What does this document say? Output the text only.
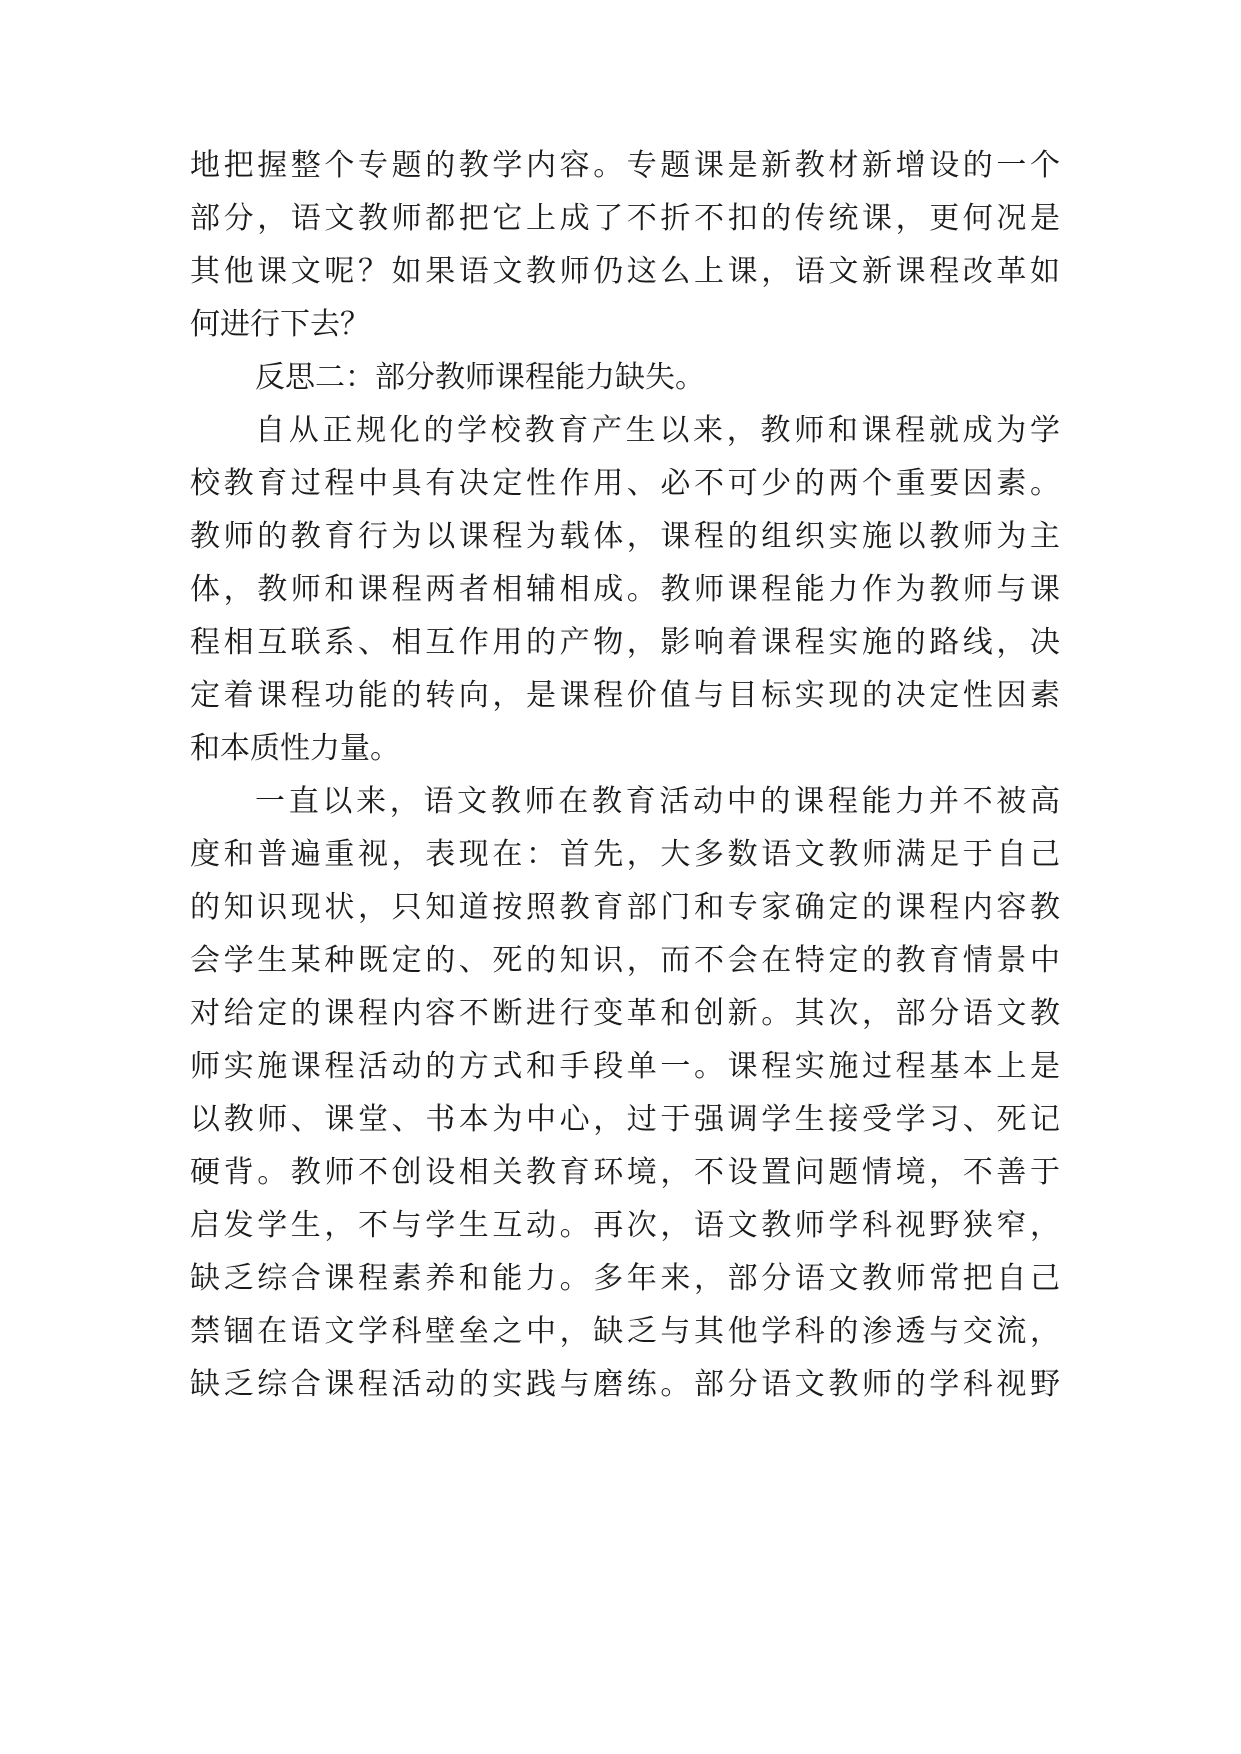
地把握整个专题的教学内容。专题课是新教材新增设的一个
部分，语文教师都把它上成了不折不扣的传统课，更何况是
其他课文呢？如果语文教师仍这么上课，语文新课程改革如
何进行下去？
反思二：部分教师课程能力缺失。
自从正规化的学校教育产生以来，教师和课程就成为学
校教育过程中具有决定性作用、必不可少的两个重要因素。
教师的教育行为以课程为载体，课程的组织实施以教师为主
体，教师和课程两者相辅相成。教师课程能力作为教师与课
程相互联系、相互作用的产物，影响着课程实施的路线，决
定着课程功能的转向，是课程价值与目标实现的决定性因素
和本质性力量。
一直以来，语文教师在教育活动中的课程能力并不被高
度和普遍重视，表现在：首先，大多数语文教师满足于自己
的知识现状，只知道按照教育部门和专家确定的课程内容教
会学生某种既定的、死的知识，而不会在特定的教育情景中
对给定的课程内容不断进行变革和创新。其次，部分语文教
师实施课程活动的方式和手段单一。课程实施过程基本上是
以教师、课堂、书本为中心，过于强调学生接受学习、死记
硬背。教师不创设相关教育环境，不设置问题情境，不善于
启发学生，不与学生互动。再次，语文教师学科视野狭窄，
缺乏综合课程素养和能力。多年来，部分语文教师常把自己
禁锢在语文学科壁垒之中，缺乏与其他学科的渗透与交流，
缺乏综合课程活动的实践与磨练。部分语文教师的学科视野
